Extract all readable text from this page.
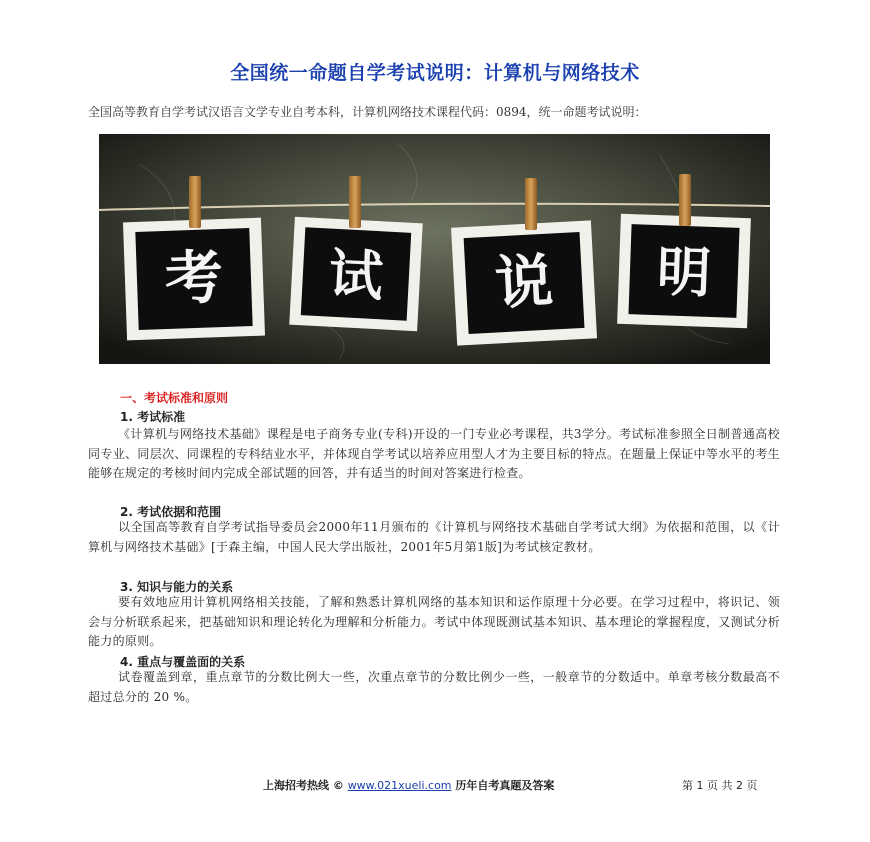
全国统一命题自学考试说明：计算机与网络技术
全国高等教育自学考试汉语言文学专业自考本科，计算机网络技术课程代码：0894，统一命题考试说明：
考 试 说 明
一、考试标准和原则
1. 考试标准
《计算机与网络技术基础》课程是电子商务专业(专科)开设的一门专业必考课程，共3学分。考试标准参照全日制普通高校同专业、同层次、同课程的专科结业水平，并体现自学考试以培养应用型人才为主要目标的特点。在题量上保证中等水平的考生能够在规定的考核时间内完成全部试题的回答，并有适当的时间对答案进行检查。
2. 考试依据和范围
以全国高等教育自学考试指导委员会2000年11月颁布的《计算机与网络技术基础自学考试大纲》为依据和范围，以《计算机与网络技术基础》[于森主编，中国人民大学出版社，2001年5月第1版]为考试核定教材。
3. 知识与能力的关系
要有效地应用计算机网络相关技能，了解和熟悉计算机网络的基本知识和运作原理十分必要。在学习过程中，将识记、领会与分析联系起来，把基础知识和理论转化为理解和分析能力。考试中体现既测试基本知识、基本理论的掌握程度，又测试分析能力的原则。
4. 重点与覆盖面的关系
试卷覆盖到章，重点章节的分数比例大一些，次重点章节的分数比例少一些，一般章节的分数适中。单章考核分数最高不超过总分的 20 %。
上海招考热线 © www.021xueli.com 历年自考真题及答案	第 1 页 共 2 页
